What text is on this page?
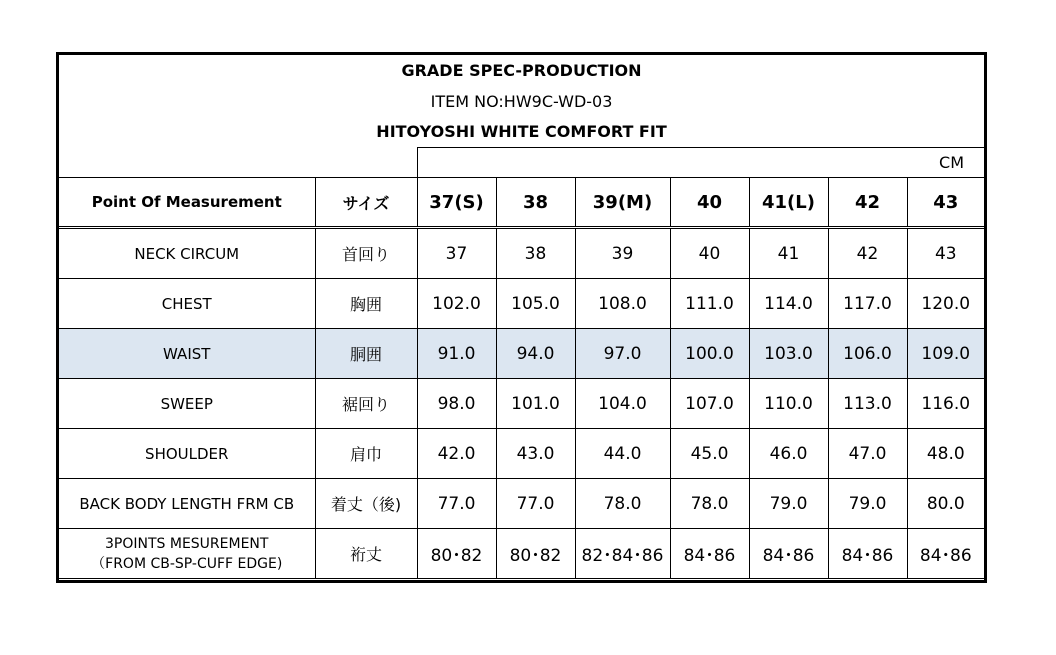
GRADE SPEC-PRODUCTION								
ITEM NO:HW9C-WD-03								
HITOYOSHI WHITE COMFORT FIT								
		CM						
Point Of Measurement	サイズ	37(S)	38	39(M)	40	41(L)	42	43
NECK CIRCUM	首回り	37	38	39	40	41	42	43
CHEST	胸囲	102.0	105.0	108.0	111.0	114.0	117.0	120.0
WAIST	胴囲	91.0	94.0	97.0	100.0	103.0	106.0	109.0
SWEEP	裾回り	98.0	101.0	104.0	107.0	110.0	113.0	116.0
SHOULDER	肩巾	42.0	43.0	44.0	45.0	46.0	47.0	48.0
BACK BODY LENGTH FRM CB	着丈（後)	77.0	77.0	78.0	78.0	79.0	79.0	80.0

3POINTS MESUREMENT
（FROM CB-SP-CUFF EDGE)	裄丈	80･82	80･82	82･84･86	84･86	84･86	84･86	84･86
